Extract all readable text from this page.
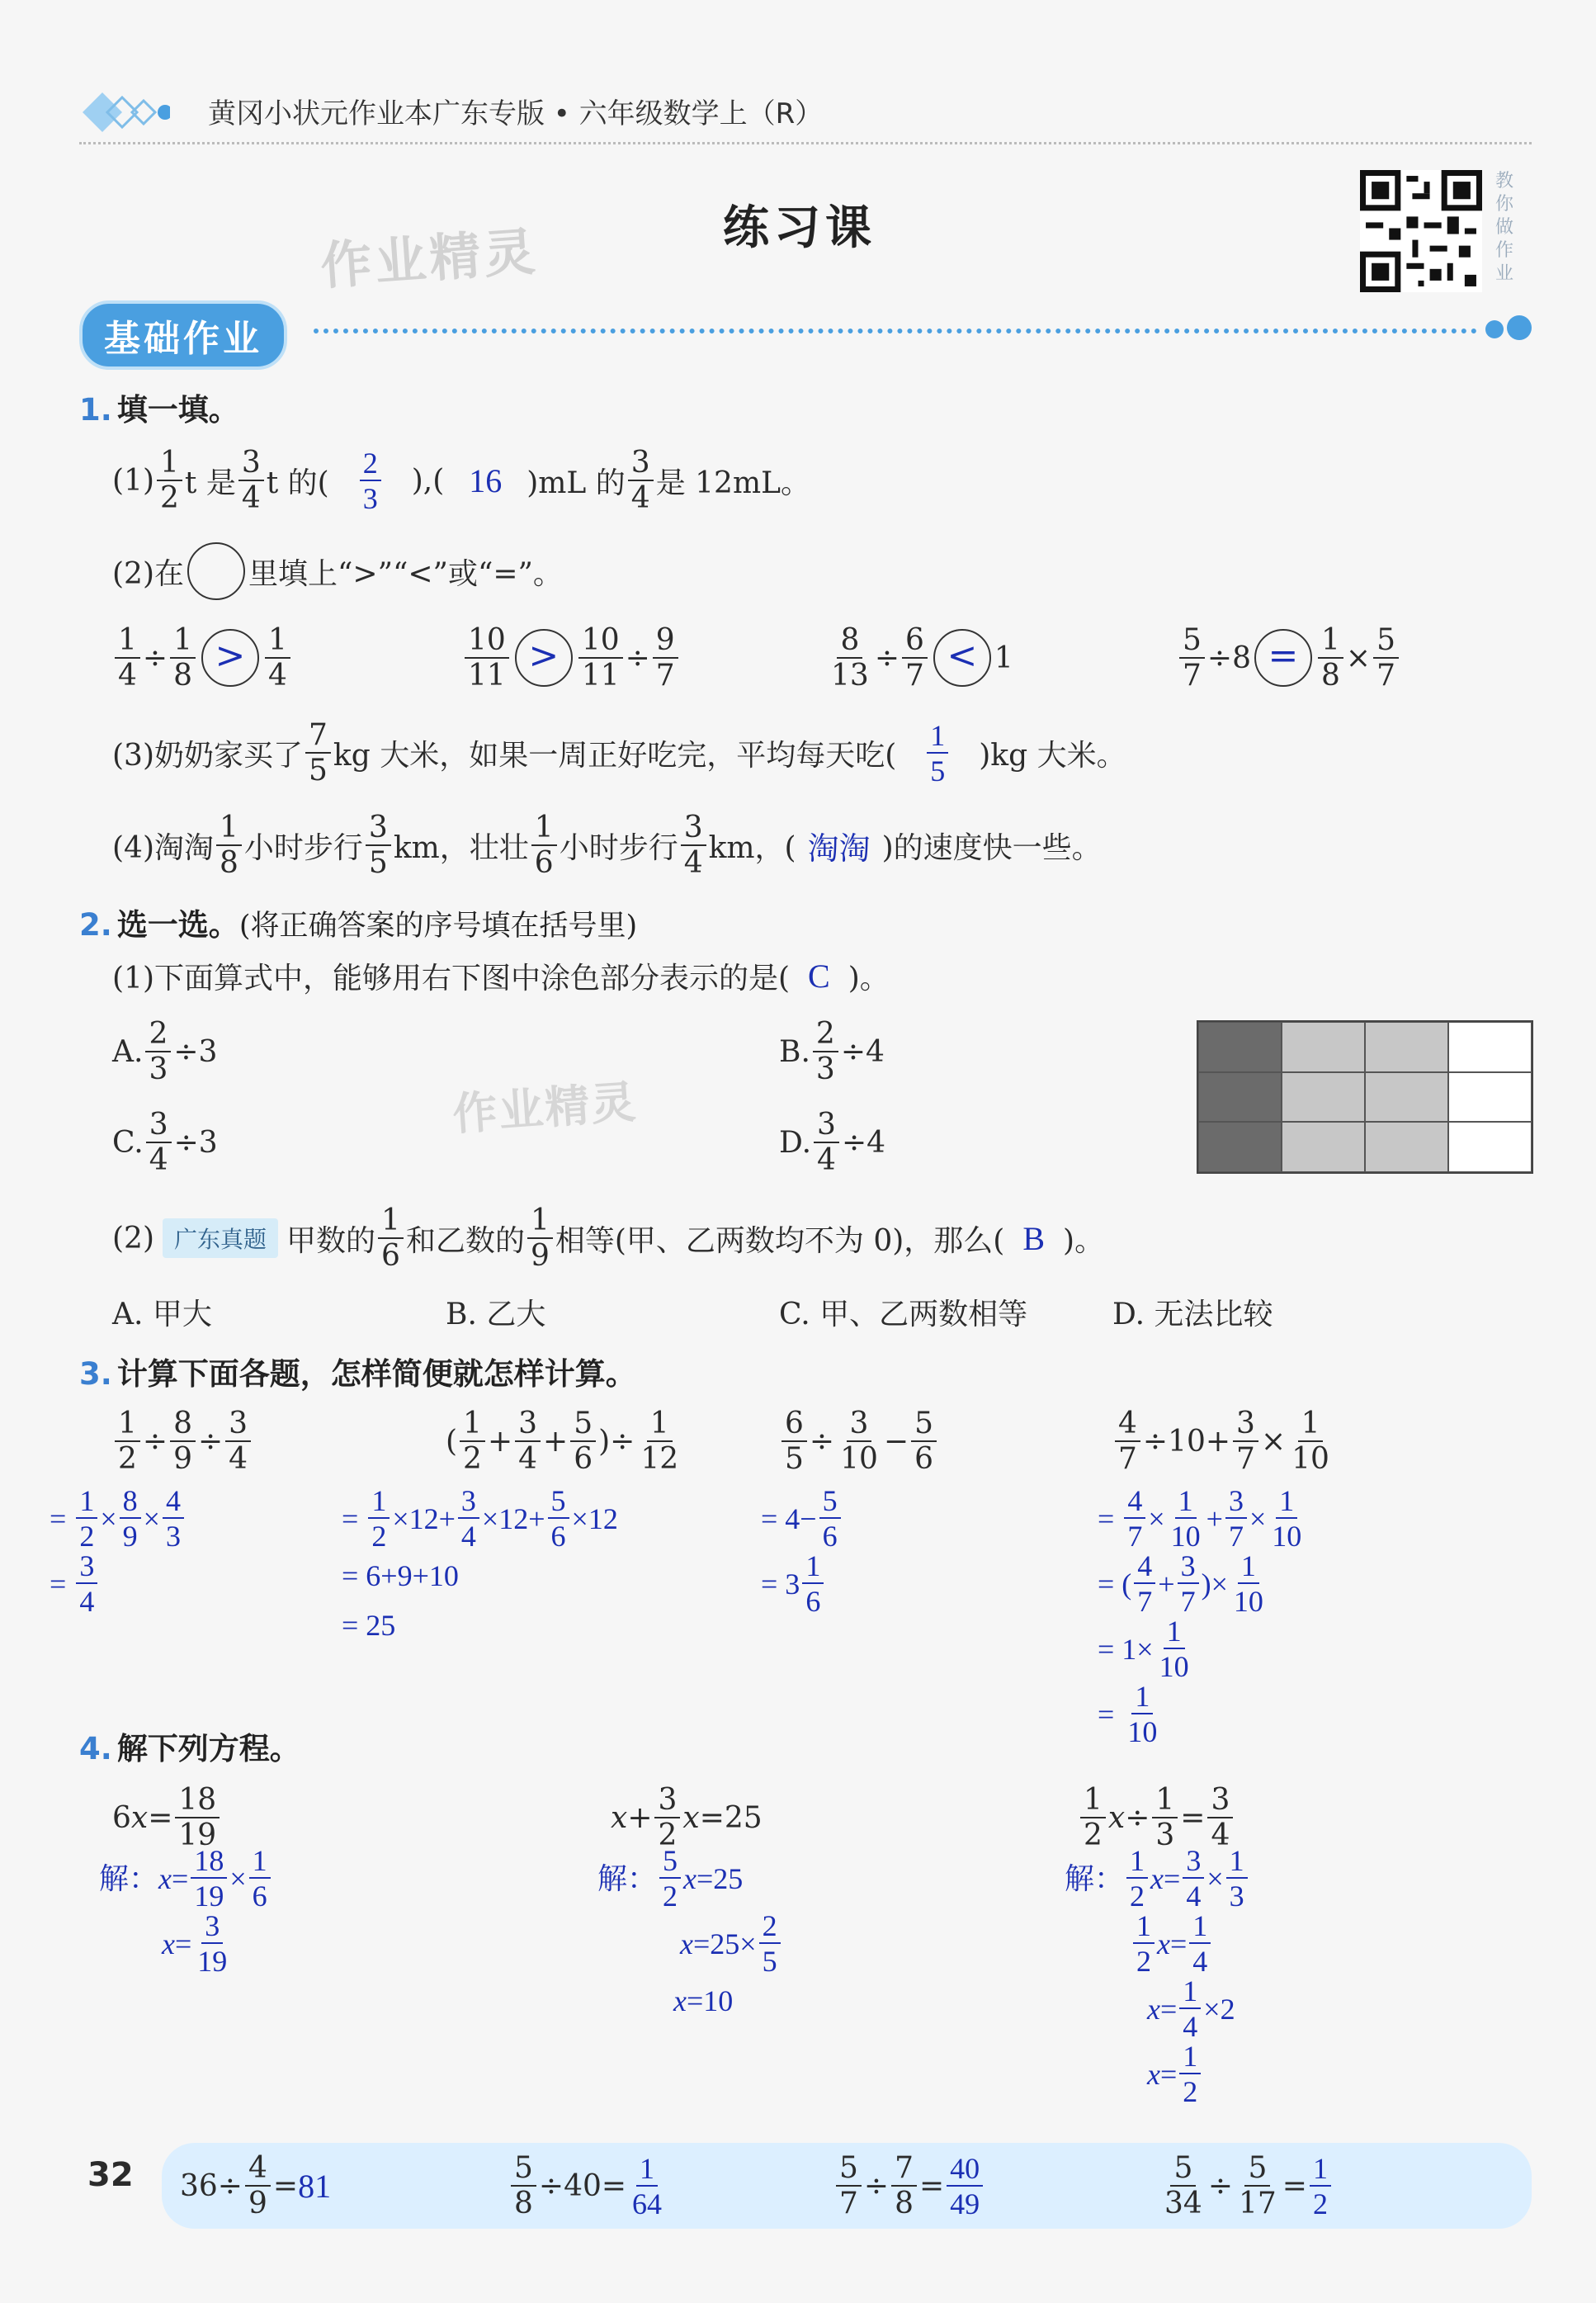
黄冈小状元作业本广东专版 • 六年级数学上（R）
练习课
作业精灵
作业精灵
教你做作业
基础作业
1. 填一填。
$(1) \frac{1}{2}$ t 是 $\frac{3}{4}$ t 的( $\frac{2}{3}$ ),( 16 )mL 的 $\frac{3}{4}$ 是 12mL。
(2)在
里填上“>”“<”或“=”。
$\frac{1}{4} \div \frac{1}{8} > \frac{1}{4}$	$\frac{10}{11} > \frac{10}{11} \div \frac{9}{7}$	$\frac{8}{13} \div \frac{6}{7} < 1$	$\frac{5}{7} \div 8 = \frac{1}{8} \times \frac{5}{7}$
(3)奶奶家买了 $\frac{7}{5}$ kg 大米，如果一周正好吃完，平均每天吃( $\frac{1}{5} )kg$ 大米。
(4)淘淘 $\frac{1}{8}$ 小时步行 $\frac{3}{5}$ km，壮壮 $\frac{1}{6}$ 小时步行 $\frac{3}{4}$ km，( 淘淘 )的速度快一些。
2. 选一选。(将正确答案的序号填在括号里)
(1)下面算式中，能够用右下图中涂色部分表示的是( C )。
A. $\frac{2}{3} \div 3$	B. $\frac{2}{3} \div 4$
C. $\frac{3}{4} \div 3$	D. $\frac{3}{4} \div 4$
(2) 广东真题 甲数的 $\frac{1}{6}$ 和乙数的 $\frac{1}{9}$ 相等(甲、乙两数均不为 0)，那么( B )。
A. 甲大	B. 乙大	C. 甲、乙两数相等	D. 无法比较
3. 计算下面各题，怎样简便就怎样计算。
$\frac{1}{2} \div \frac{8}{9} \div \frac{3}{4}$
= $\frac{1}{2} \times \frac{8}{9} \times \frac{4}{3}$
= $\frac{3}{4}$
( $\frac{1}{2} + \frac{3}{4} + \frac{5}{6}$ )÷ $\frac{1}{12}$
= $\frac{1}{2} \times 12+ \frac{3}{4} \times 12+ \frac{5}{6} \times 12$
= 6+9+10
= 25
$\frac{6}{5} \div \frac{3}{10} - \frac{5}{6}$
= $4- \frac{5}{6}$
= $3 \frac{1}{6}$
$\frac{4}{7} \div 10+ \frac{3}{7} \times \frac{1}{10}$
= $\frac{4}{7} \times \frac{1}{10} + \frac{3}{7} \times \frac{1}{10}$
= ( $\frac{4}{7} + \frac{3}{7}$ )× $\frac{1}{10}$
= $1\times \frac{1}{10}$
= $\frac{1}{10}$
4. 解下列方程。
6 $x = \frac{18}{19}$
解： $x = \frac{18}{19} \times \frac{1}{6}$
$x = \frac{3}{19}$
$x + \frac{3}{2}$ x =25
解： $\frac{5}{2}$ x =25
$x =25\times \frac{2}{5}$
x =10
$\frac{1}{2}$ $x \div \frac{1}{3} = \frac{3}{4}$
解： $\frac{1}{2}$ $x = \frac{3}{4} \times \frac{1}{3}$
$\frac{1}{2}$ $x = \frac{1}{4}$
$x = \frac{1}{4} \times 2$
$x = \frac{1}{2}$
32 $36\div \frac{4}{9} = 81$	$\frac{5}{8} \div 40= \frac{1}{64}$	$\frac{5}{7} \div \frac{7}{8} = \frac{40}{49}$	$\frac{5}{34} \div \frac{5}{17} = \frac{1}{2}$
